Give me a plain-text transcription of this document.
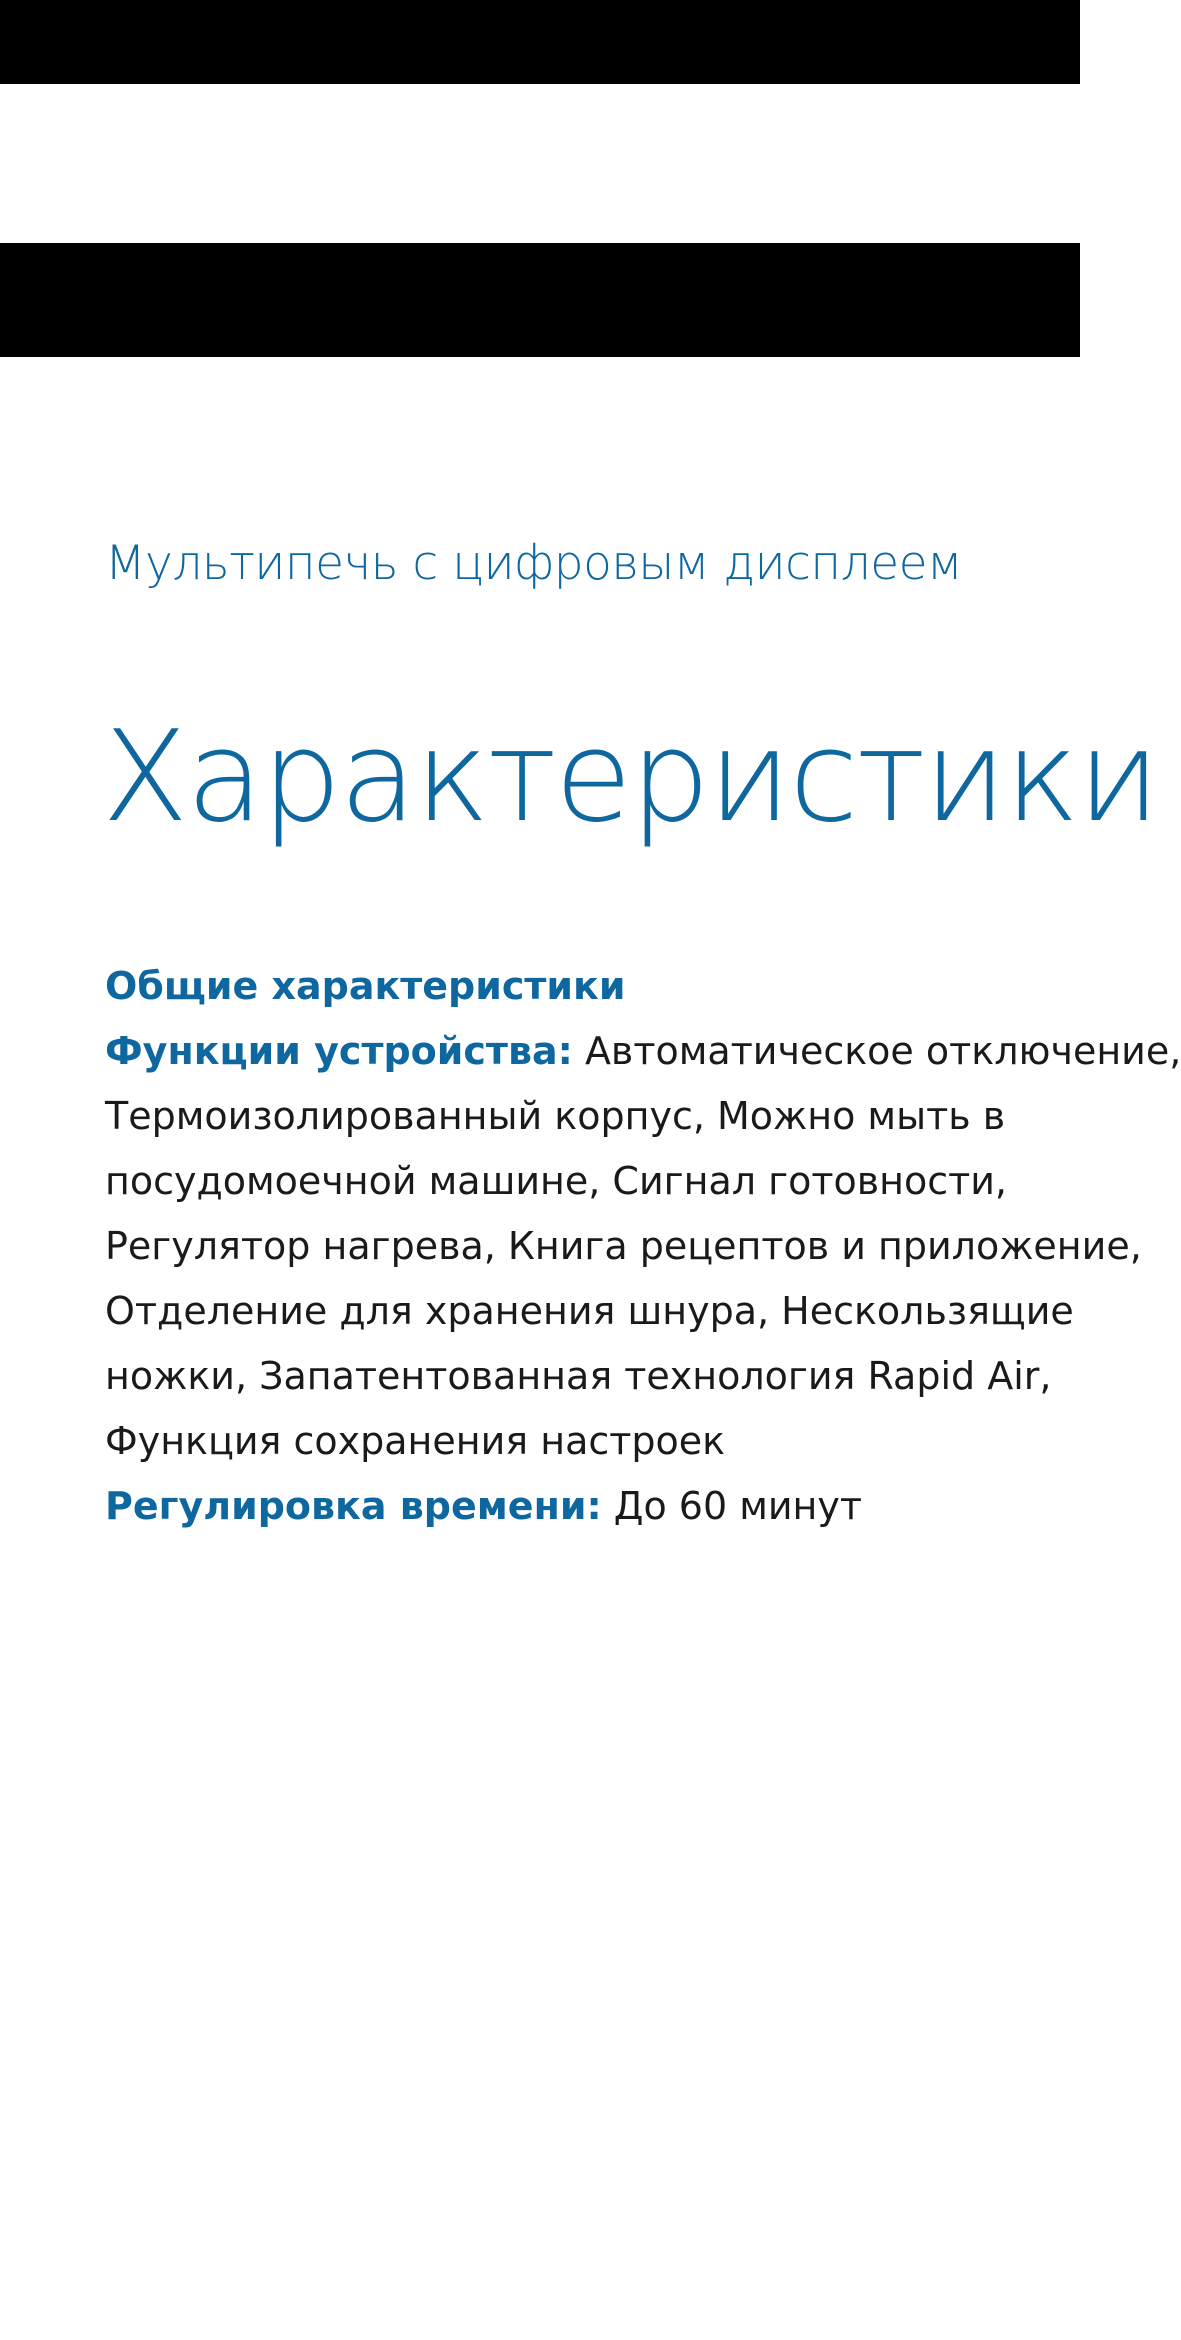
Мультипечь с цифровым дисплеем
Характеристики
Общие характеристики
Функции устройства: Автоматическое отключение,
Термоизолированный корпус, Можно мыть в
посудомоечной машине, Сигнал готовности,
Регулятор нагрева, Книга рецептов и приложение,
Отделение для хранения шнура, Нескользящие
ножки, Запатентованная технология Rapid Air,
Функция сохранения настроек
Регулировка времени: До 60 минут
